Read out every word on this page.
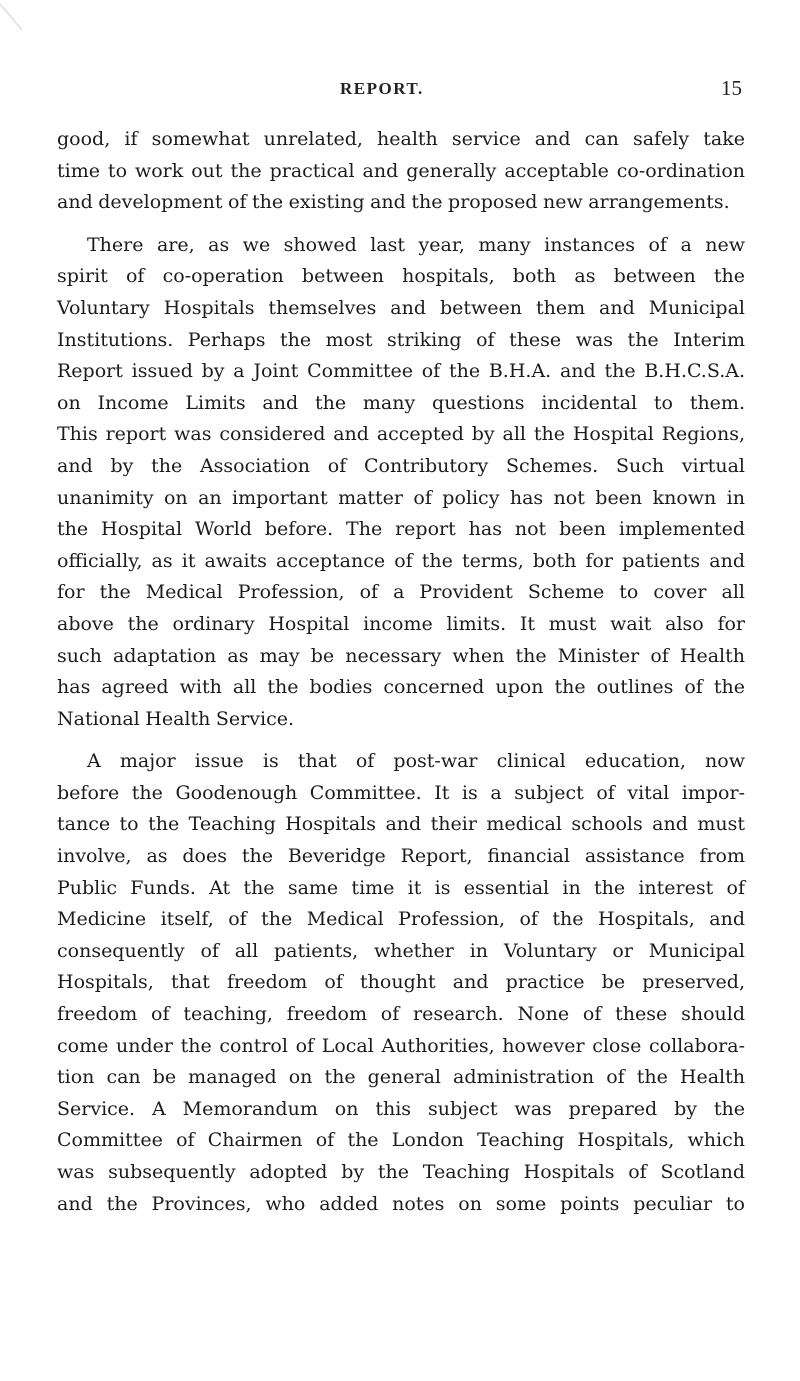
REPORT.	15

good, if somewhat unrelated, health service and can safely take
time to work out the practical and generally acceptable co-ordination
and development of the existing and the proposed new arrangements.

There are, as we showed last year, many instances of a new
spirit of co-operation between hospitals, both as between the
Voluntary Hospitals themselves and between them and Municipal
Institutions. Perhaps the most striking of these was the Interim
Report issued by a Joint Committee of the B.H.A. and the B.H.C.S.A.
on Income Limits and the many questions incidental to them.
This report was considered and accepted by all the Hospital Regions,
and by the Association of Contributory Schemes. Such virtual
unanimity on an important matter of policy has not been known in
the Hospital World before. The report has not been implemented
officially, as it awaits acceptance of the terms, both for patients and
for the Medical Profession, of a Provident Scheme to cover all
above the ordinary Hospital income limits. It must wait also for
such adaptation as may be necessary when the Minister of Health
has agreed with all the bodies concerned upon the outlines of the
National Health Service.

A major issue is that of post-war clinical education, now
before the Goodenough Committee. It is a subject of vital impor-
tance to the Teaching Hospitals and their medical schools and must
involve, as does the Beveridge Report, financial assistance from
Public Funds. At the same time it is essential in the interest of
Medicine itself, of the Medical Profession, of the Hospitals, and
consequently of all patients, whether in Voluntary or Municipal
Hospitals, that freedom of thought and practice be preserved,
freedom of teaching, freedom of research. None of these should
come under the control of Local Authorities, however close collabora-
tion can be managed on the general administration of the Health
Service. A Memorandum on this subject was prepared by the
Committee of Chairmen of the London Teaching Hospitals, which
was subsequently adopted by the Teaching Hospitals of Scotland
and the Provinces, who added notes on some points peculiar to
